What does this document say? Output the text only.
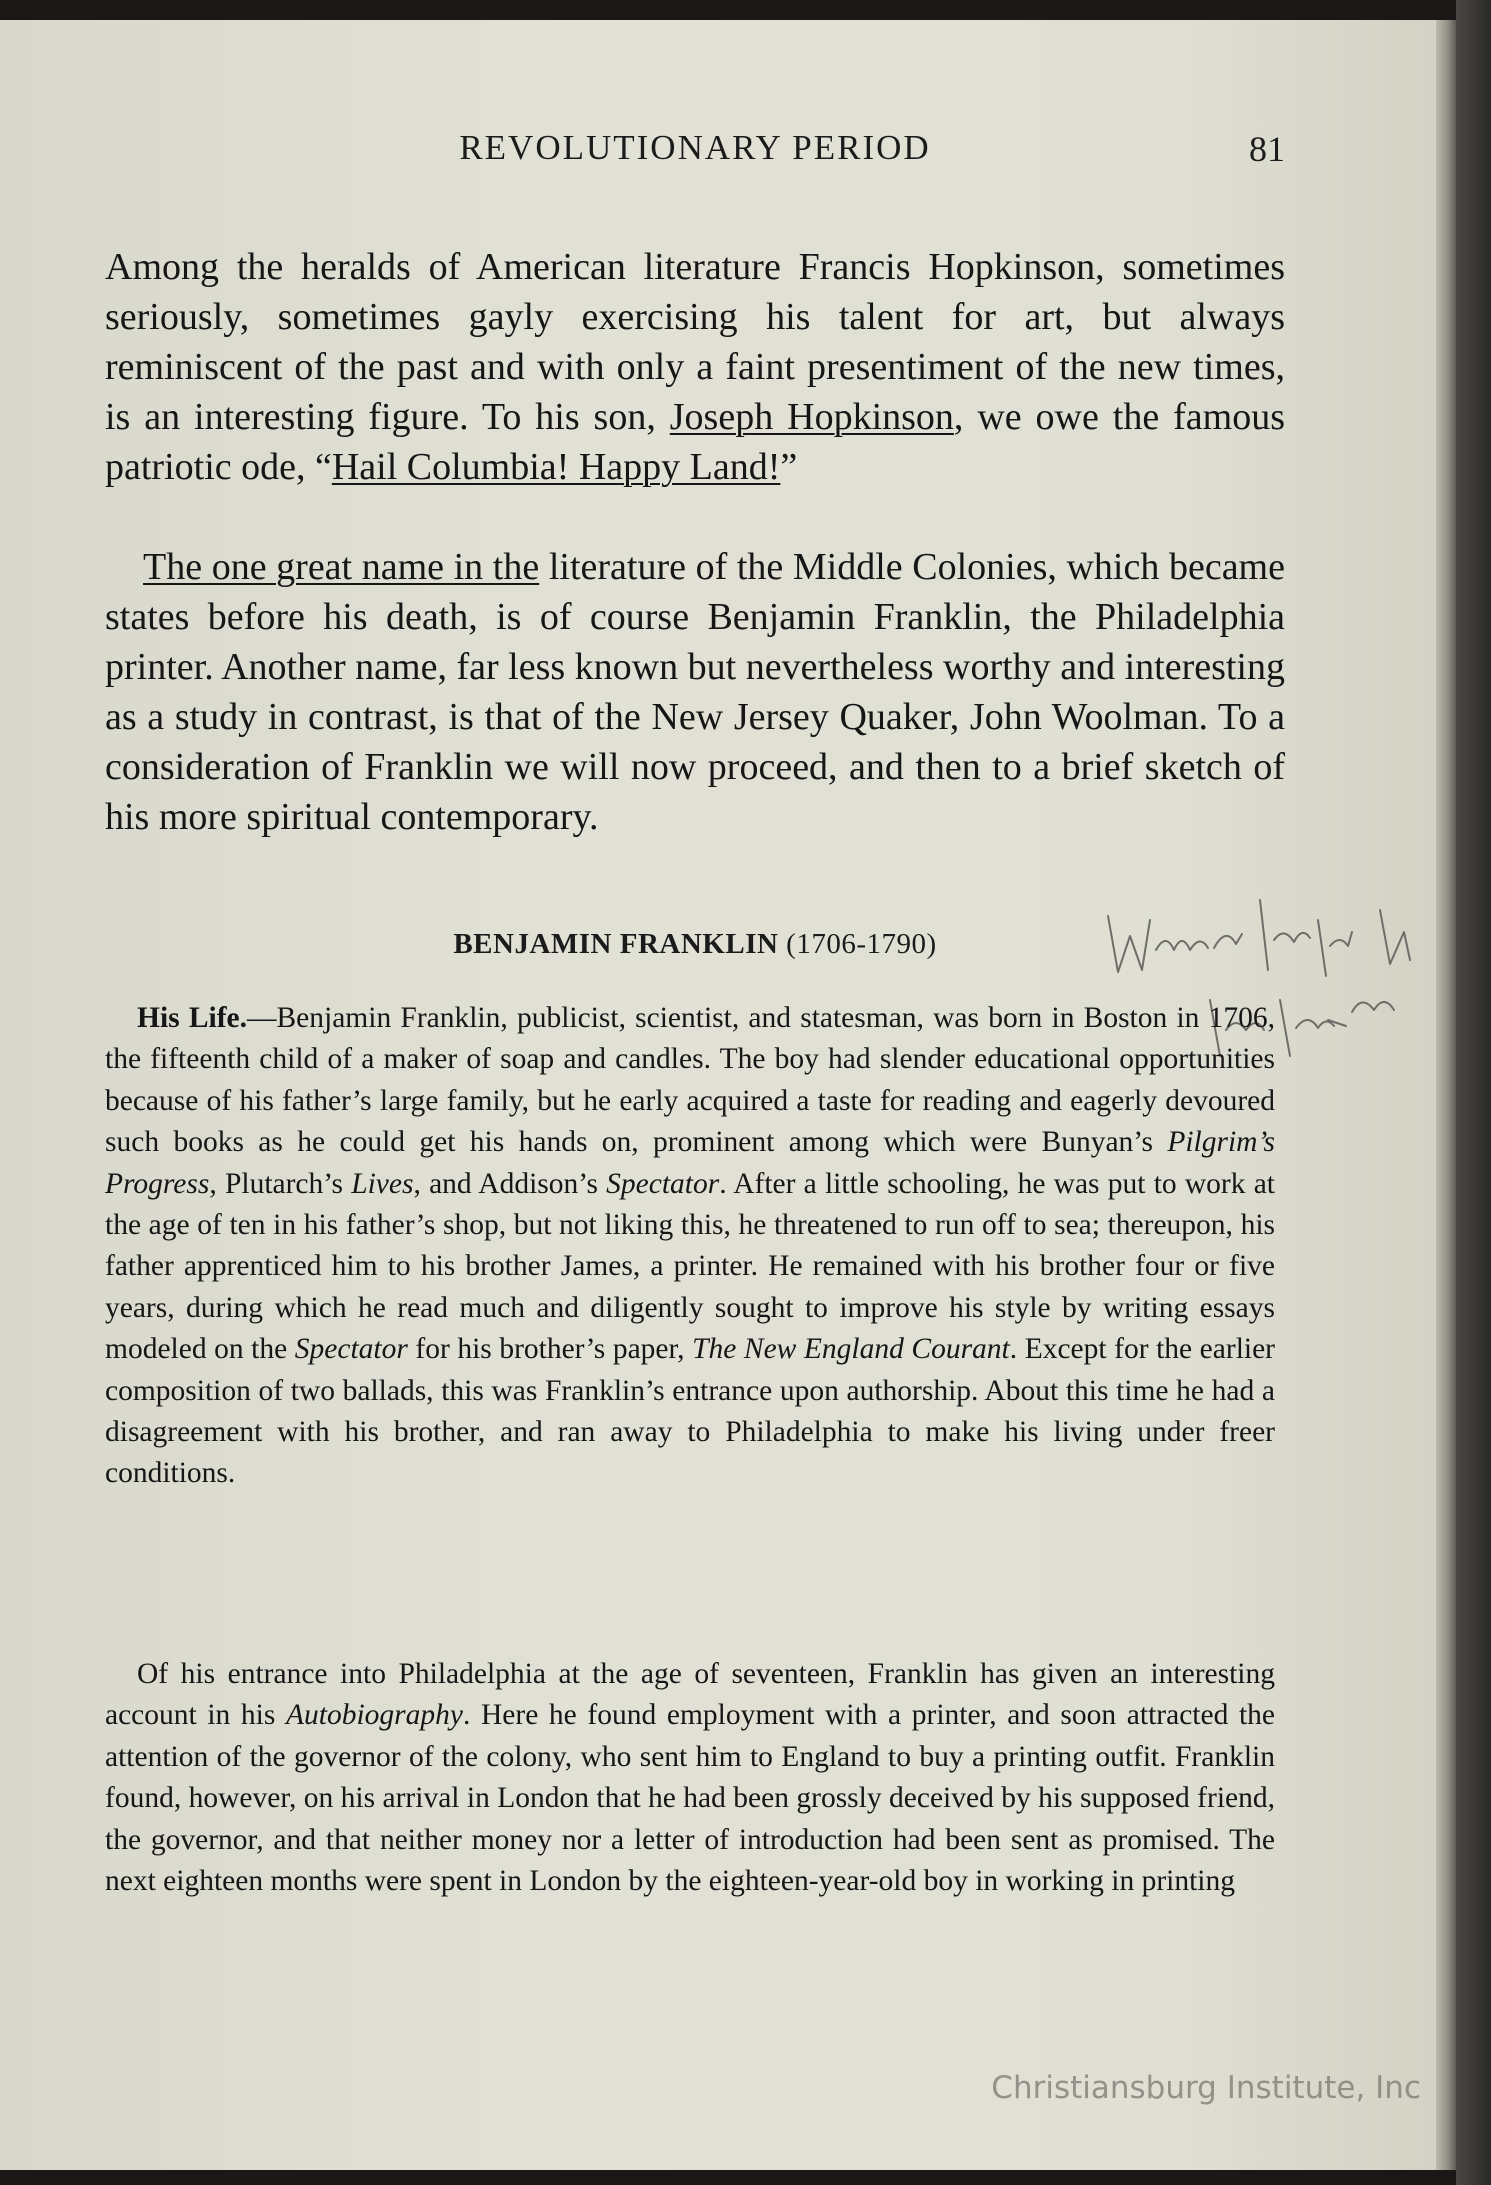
REVOLUTIONARY PERIOD	81

Among the heralds of American literature Francis Hopkinson, sometimes seriously, sometimes gayly exercising his talent for art, but always reminiscent of the past and with only a faint presentiment of the new times, is an interesting figure. To his son, Joseph Hopkinson, we owe the famous patriotic ode, “Hail Columbia! Happy Land!”

The one great name in the literature of the Middle Colonies, which became states before his death, is of course Benjamin Franklin, the Philadelphia printer. Another name, far less known but nevertheless worthy and interesting as a study in contrast, is that of the New Jersey Quaker, John Woolman. To a consideration of Franklin we will now proceed, and then to a brief sketch of his more spiritual contemporary.

BENJAMIN FRANKLIN (1706-1790)

His Life.—Benjamin Franklin, publicist, scientist, and statesman, was born in Boston in 1706, the fifteenth child of a maker of soap and candles. The boy had slender educational opportunities because of his father’s large family, but he early acquired a taste for reading and eagerly devoured such books as he could get his hands on, prominent among which were Bunyan’s Pilgrim’s Progress, Plutarch’s Lives, and Addison’s Spectator. After a little schooling, he was put to work at the age of ten in his father’s shop, but not liking this, he threatened to run off to sea; thereupon, his father apprenticed him to his brother James, a printer. He remained with his brother four or five years, during which he read much and diligently sought to improve his style by writing essays modeled on the Spectator for his brother’s paper, The New England Courant. Except for the earlier composition of two ballads, this was Franklin’s entrance upon authorship. About this time he had a disagreement with his brother, and ran away to Philadelphia to make his living under freer conditions.

Of his entrance into Philadelphia at the age of seventeen, Franklin has given an interesting account in his Autobiography. Here he found employment with a printer, and soon attracted the attention of the governor of the colony, who sent him to England to buy a printing outfit. Franklin found, however, on his arrival in London that he had been grossly deceived by his supposed friend, the governor, and that neither money nor a letter of introduction had been sent as promised. The next eighteen months were spent in London by the eighteen-year-old boy in working in printing

Christiansburg Institute, Inc
